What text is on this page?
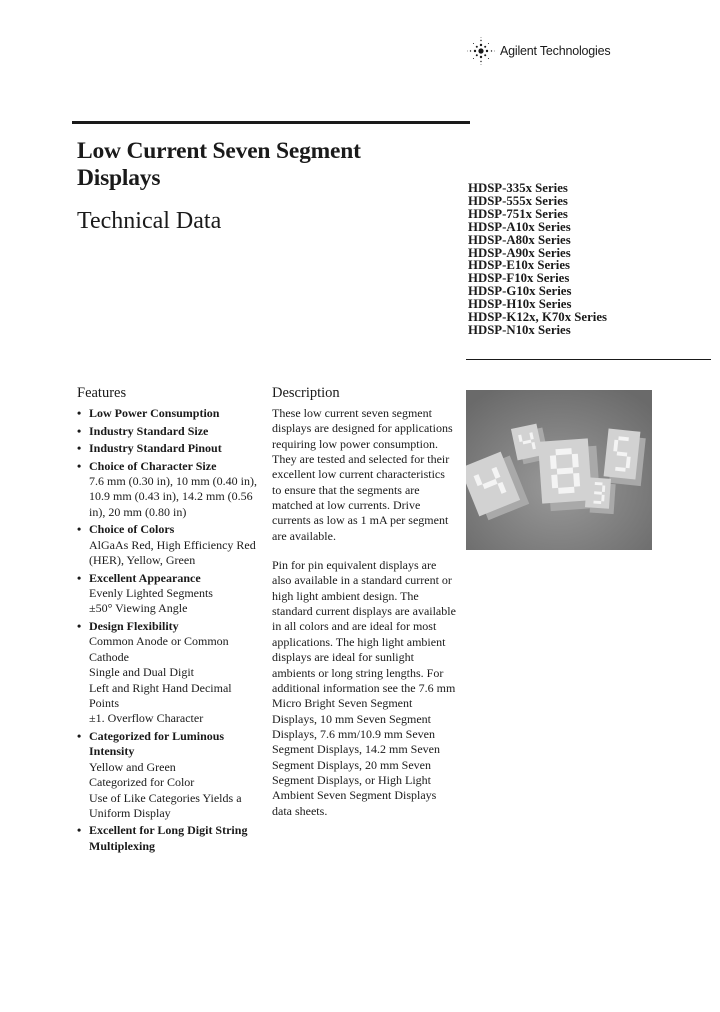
Agilent Technologies
Low Current Seven Segment
Displays
Technical Data
HDSP-335x Series
HDSP-555x Series
HDSP-751x Series
HDSP-A10x Series
HDSP-A80x Series
HDSP-A90x Series
HDSP-E10x Series
HDSP-F10x Series
HDSP-G10x Series
HDSP-H10x Series
HDSP-K12x, K70x Series
HDSP-N10x Series
Features
• Low Power Consumption
• Industry Standard Size
• Industry Standard Pinout
• Choice of Character Size
7.6 mm (0.30 in), 10 mm (0.40 in), 10.9 mm (0.43 in), 14.2 mm (0.56 in), 20 mm (0.80 in)
• Choice of Colors
AlGaAs Red, High Efficiency Red (HER), Yellow, Green
• Excellent Appearance
Evenly Lighted Segments
±50° Viewing Angle
• Design Flexibility
Common Anode or Common Cathode
Single and Dual Digit
Left and Right Hand Decimal Points
±1. Overflow Character
• Categorized for Luminous Intensity
Yellow and Green
Categorized for Color
Use of Like Categories Yields a Uniform Display
• Excellent for Long Digit String Multiplexing
Description

These low current seven segment displays are designed for applications requiring low power consumption. They are tested and selected for their excellent low current characteristics to ensure that the segments are matched at low currents. Drive currents as low as 1 mA per segment are available.

Pin for pin equivalent displays are also available in a standard current or high light ambient design. The standard current displays are available in all colors and are ideal for most applications. The high light ambient displays are ideal for sunlight ambients or long string lengths. For additional information see the 7.6 mm Micro Bright Seven Segment Displays, 10 mm Seven Segment Displays, 7.6 mm/10.9 mm Seven Segment Displays, 14.2 mm Seven Segment Displays, 20 mm Seven Segment Displays, or High Light Ambient Seven Segment Displays data sheets.
